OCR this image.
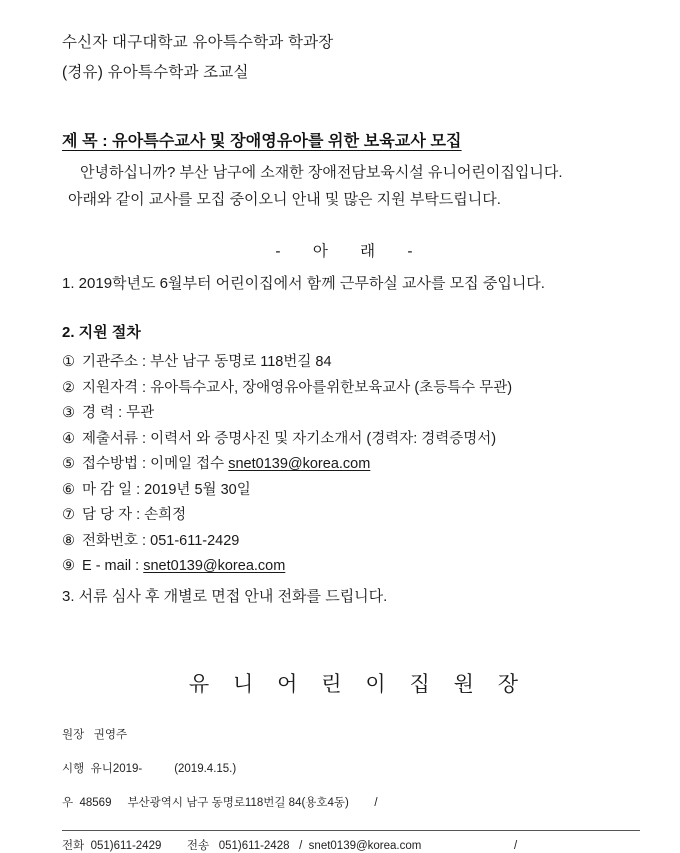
수신자 대구대학교 유아특수학과 학과장
(경유) 유아특수학과 조교실
제 목 : 유아특수교사 및 장애영유아를 위한 보육교사 모집
안녕하십니까? 부산 남구에 소재한 장애전담보육시설 유니어린이집입니다.
아래와 같이 교사를 모집 중이오니 안내 및 많은 지원 부탁드립니다.
- 아 래 -
1. 2019학년도 6월부터 어린이집에서 함께 근무하실 교사를 모집 중입니다.
2. 지원 절차
① 기관주소 : 부산 남구 동명로 118번길 84
② 지원자격 : 유아특수교사, 장애영유아를위한보육교사 (초등특수 무관)
③ 경 력 : 무관
④ 제출서류 : 이력서 와 증명사진 및 자기소개서 (경력자: 경력증명서)
⑤ 접수방법 : 이메일 접수 snet0139@korea.com
⑥ 마 감 일 : 2019년 5월 30일
⑦ 담 당 자 : 손희정
⑧ 전화번호 : 051-611-2429
⑨ E - mail : snet0139@korea.com
3. 서류 심사 후 개별로 면접 안내 전화를 드립니다.
유 니 어 린 이 집 원 장
원장   권영주
시행  유니2019-          (2019.4.15.)
우  48569     부산광역시 남구 동명로118번길 84(용호4동)        /
전화  051)611-2429        전송   051)611-2428   /  snet0139@korea.com                             /
